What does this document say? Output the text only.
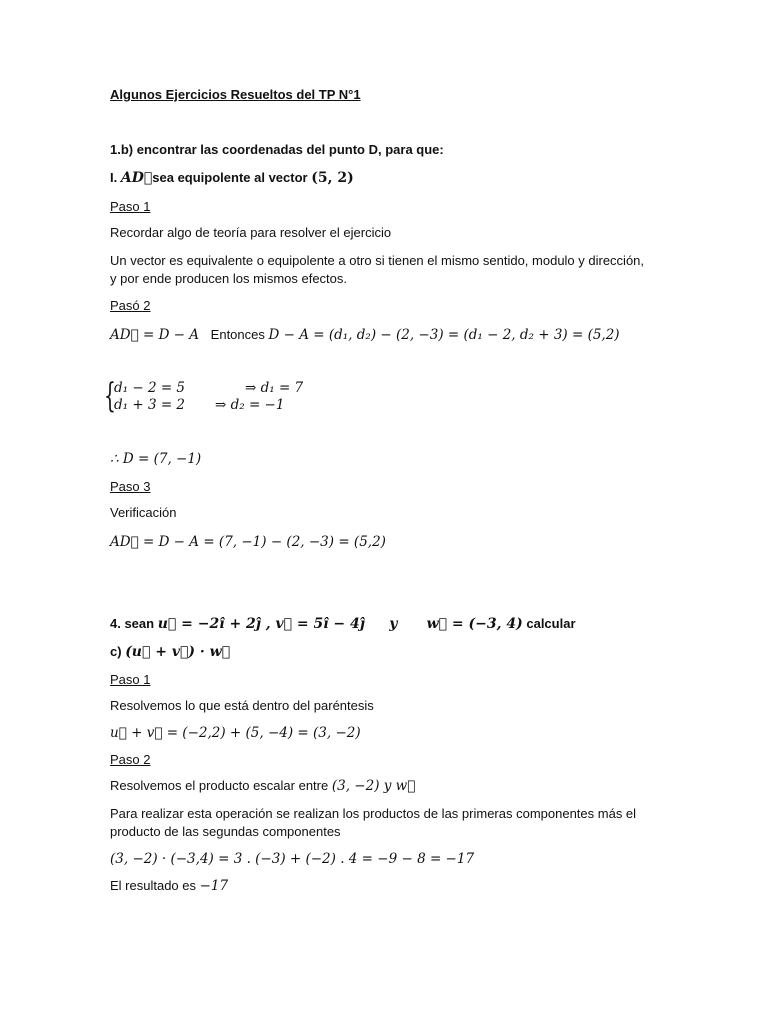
Algunos Ejercicios Resueltos del TP N°1
1.b) encontrar las coordenadas del punto D, para que:
I. AD⃗sea equipolente al vector (5, 2)
Paso 1
Recordar algo de teoría para resolver el ejercicio
Un vector es equivalente o equipolente a otro si tienen el mismo sentido, modulo y dirección,
y por ende producen los mismos efectos.
Pasó 2
AD⃗ = D − A Entonces D − A = (d₁, d₂) − (2, −3) = (d₁ − 2, d₂ + 3) = (5,2)
{
d₁ − 2 = 5	⇒ d₁ = 7
d₁ + 3 = 2 ⇒ d₂ = −1
∴ D = (7, −1)
Paso 3
Verificación
AD⃗ = D − A = (7, −1) − (2, −3) = (5,2)
4. sean u⃗ = −2ı̂ + 2ȷ̂ , v⃗ = 5ı̂ − 4ȷ̂     y      w⃗ = (−3, 4) calcular
c) (u⃗ + v⃗) · w⃗
Paso 1
Resolvemos lo que está dentro del paréntesis
u⃗ + v⃗ = (−2,2) + (5, −4) = (3, −2)
Paso 2
Resolvemos el producto escalar entre (3, −2) y w⃗
Para realizar esta operación se realizan los productos de las primeras componentes más el
producto de las segundas componentes
(3, −2) · (−3,4) = 3 . (−3) + (−2) . 4 = −9 − 8 = −17
El resultado es −17
